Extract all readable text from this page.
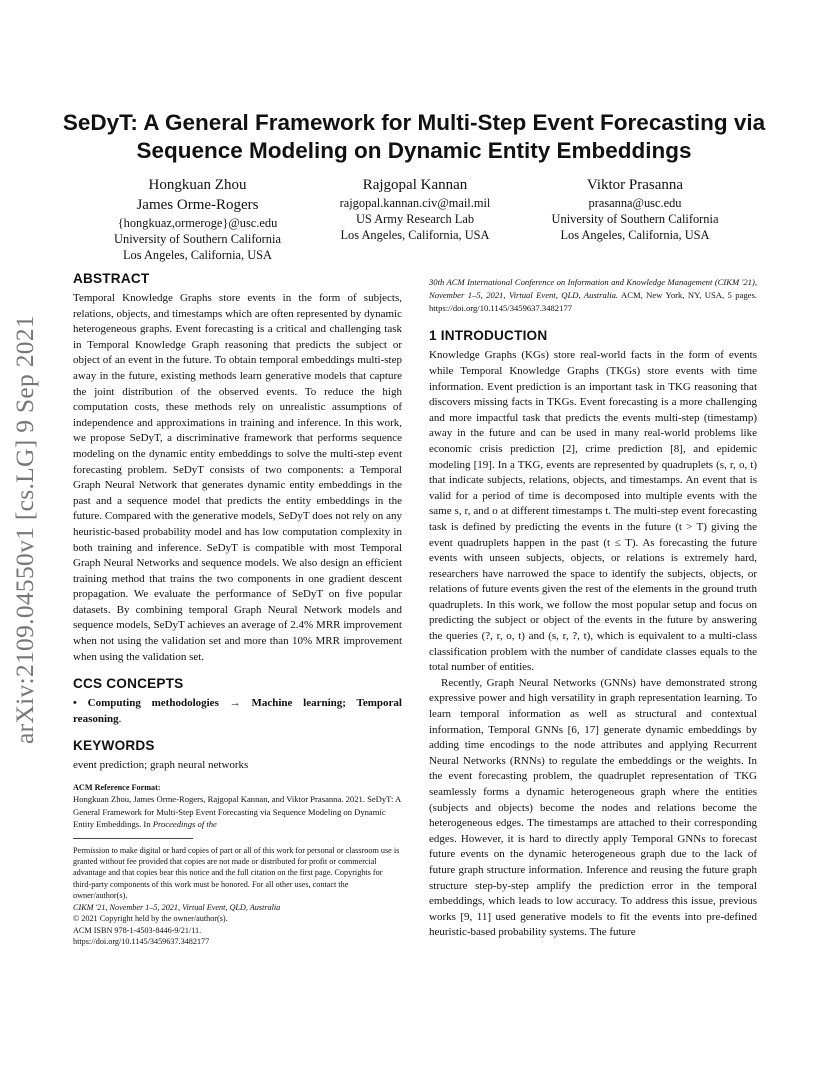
arXiv:2109.04550v1 [cs.LG] 9 Sep 2021
SeDyT: A General Framework for Multi-Step Event Forecasting via Sequence Modeling on Dynamic Entity Embeddings
Hongkuan Zhou
James Orme-Rogers
{hongkuaz,ormeroge}@usc.edu
University of Southern California
Los Angeles, California, USA
Rajgopal Kannan
rajgopal.kannan.civ@mail.mil
US Army Research Lab
Los Angeles, California, USA
Viktor Prasanna
prasanna@usc.edu
University of Southern California
Los Angeles, California, USA
ABSTRACT

Temporal Knowledge Graphs store events in the form of subjects, relations, objects, and timestamps which are often represented by dynamic heterogeneous graphs. Event forecasting is a critical and challenging task in Temporal Knowledge Graph reasoning that predicts the subject or object of an event in the future. To obtain temporal embeddings multi-step away in the future, existing methods learn generative models that capture the joint distribution of the observed events. To reduce the high computation costs, these methods rely on unrealistic assumptions of independence and approximations in training and inference. In this work, we propose SeDyT, a discriminative framework that performs sequence modeling on the dynamic entity embeddings to solve the multi-step event forecasting problem. SeDyT consists of two components: a Temporal Graph Neural Network that generates dynamic entity embeddings in the past and a sequence model that predicts the entity embeddings in the future. Compared with the generative models, SeDyT does not rely on any heuristic-based probability model and has low computation complexity in both training and inference. SeDyT is compatible with most Temporal Graph Neural Networks and sequence models. We also design an efficient training method that trains the two components in one gradient descent propagation. We evaluate the performance of SeDyT on five popular datasets. By combining temporal Graph Neural Network models and sequence models, SeDyT achieves an average of 2.4% MRR improvement when not using the validation set and more than 10% MRR improvement when using the validation set.

CCS CONCEPTS

• Computing methodologies → Machine learning; Temporal reasoning.

KEYWORDS

event prediction; graph neural networks

ACM Reference Format:

Hongkuan Zhou, James Orme-Rogers, Rajgopal Kannan, and Viktor Prasanna. 2021. SeDyT: A General Framework for Multi-Step Event Forecasting via Sequence Modeling on Dynamic Entity Embeddings. In Proceedings of the

Permission to make digital or hard copies of part or all of this work for personal or classroom use is granted without fee provided that copies are not made or distributed for profit or commercial advantage and that copies bear this notice and the full citation on the first page. Copyrights for third-party components of this work must be honored. For all other uses, contact the owner/author(s).

CIKM '21, November 1–5, 2021, Virtual Event, QLD, Australia

© 2021 Copyright held by the owner/author(s).

ACM ISBN 978-1-4503-8446-9/21/11.

https://doi.org/10.1145/3459637.3482177

30th ACM International Conference on Information and Knowledge Management (CIKM '21), November 1–5, 2021, Virtual Event, QLD, Australia. ACM, New York, NY, USA, 5 pages. https://doi.org/10.1145/3459637.3482177

1 INTRODUCTION

Knowledge Graphs (KGs) store real-world facts in the form of events while Temporal Knowledge Graphs (TKGs) store events with time information. Event prediction is an important task in TKG reasoning that discovers missing facts in TKGs. Event forecasting is a more challenging and more impactful task that predicts the events multi-step (timestamp) away in the future and can be used in many real-world problems like economic crisis prediction [2], crime prediction [8], and epidemic modeling [19]. In a TKG, events are represented by quadruplets (s, r, o, t) that indicate subjects, relations, objects, and timestamps. An event that is valid for a period of time is decomposed into multiple events with the same s, r, and o at different timestamps t. The multi-step event forecasting task is defined by predicting the events in the future (t > T) giving the event quadruplets happen in the past (t ≤ T). As forecasting the future events with unseen subjects, objects, or relations is extremely hard, researchers have narrowed the space to identify the subjects, objects, or relations of future events given the rest of the elements in the ground truth quadruplets. In this work, we follow the most popular setup and focus on predicting the subject or object of the events in the future by answering the queries (?, r, o, t) and (s, r, ?, t), which is equivalent to a multi-class classification problem with the number of candidate classes equals to the total number of entities.

Recently, Graph Neural Networks (GNNs) have demonstrated strong expressive power and high versatility in graph representation learning. To learn temporal information as well as structural and contextual information, Temporal GNNs [6, 17] generate dynamic embeddings by adding time encodings to the node attributes and applying Recurrent Neural Networks (RNNs) to regulate the embeddings or the weights. In the event forecasting problem, the quadruplet representation of TKG seamlessly forms a dynamic heterogeneous graph where the entities (subjects and objects) become the nodes and relations become the heterogeneous edges. The timestamps are attached to their corresponding edges. However, it is hard to directly apply Temporal GNNs to forecast future events on the dynamic heterogeneous graph due to the lack of future graph structure information. Inference and reusing the future graph structure step-by-step amplify the prediction error in the temporal embeddings, which leads to low accuracy. To address this issue, previous works [9, 11] used generative models to fit the events into pre-defined heuristic-based probability systems. The future
